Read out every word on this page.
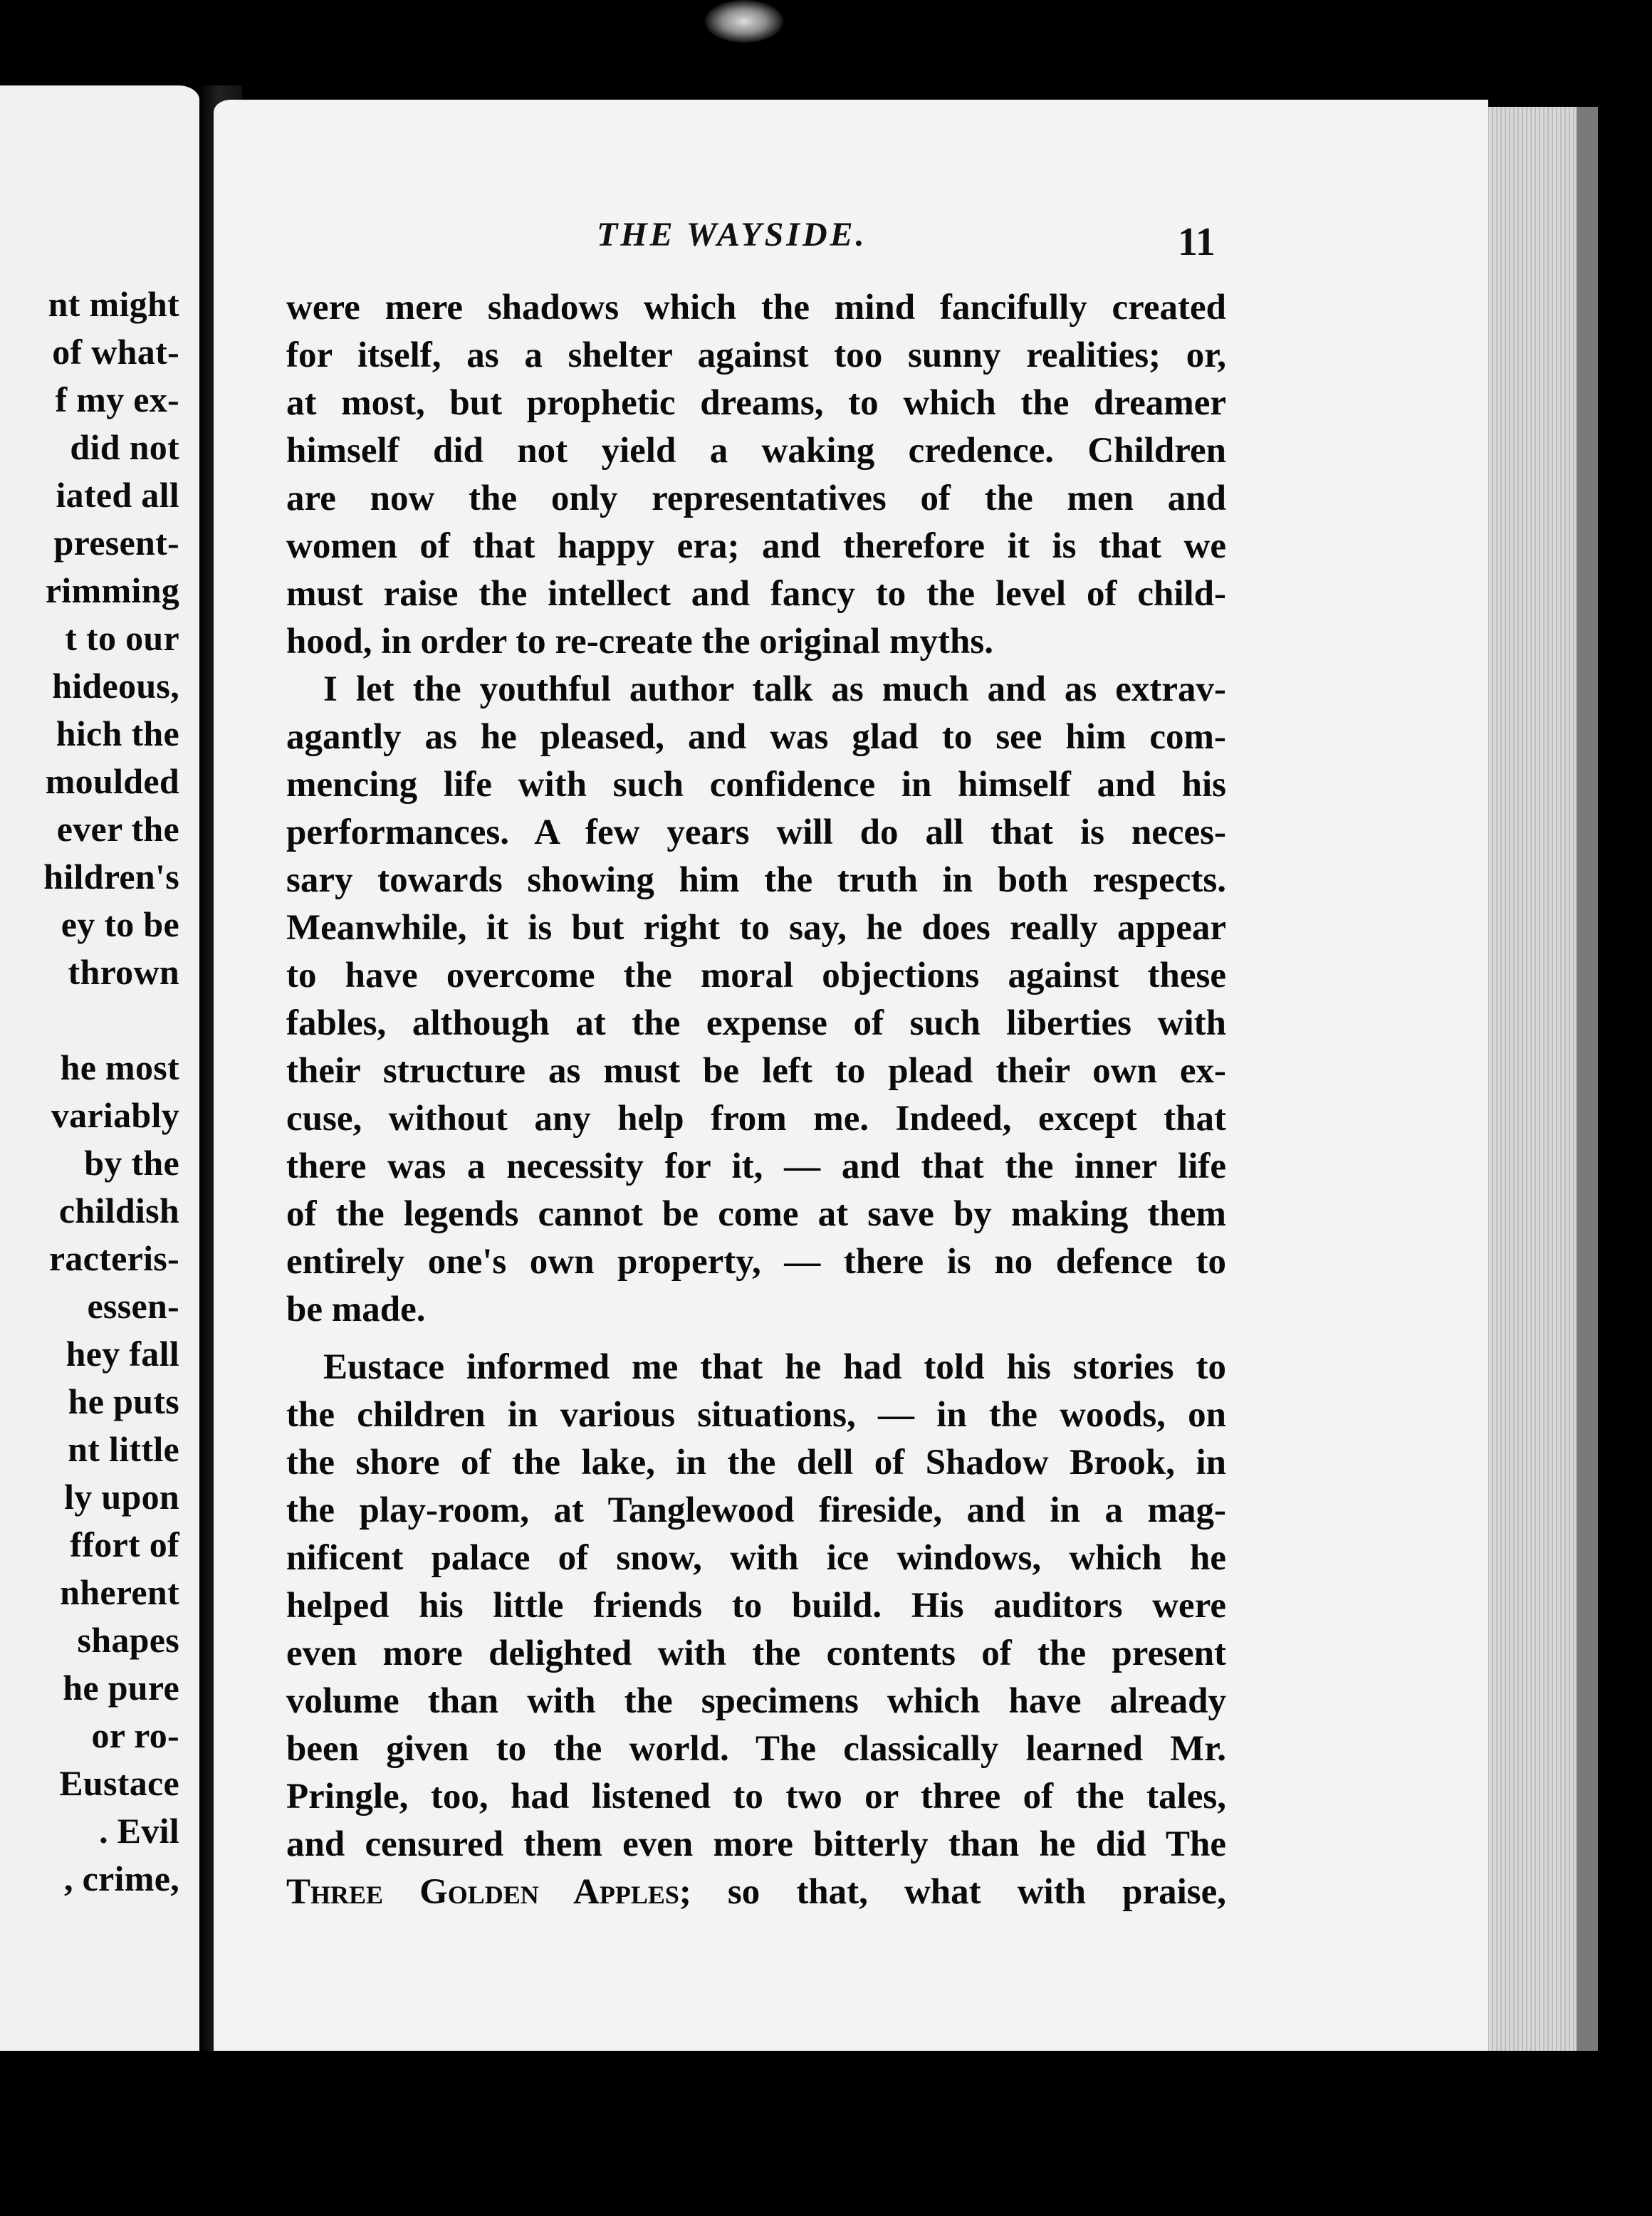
nt might
of what-
f my ex-
did not
iated all
present-
rimming
t to our
hideous,
hich the
moulded
ever the
hildren's
ey to be
thrown
he most
variably
by the
childish
racteris-
essen-
hey fall
he puts
nt little
ly upon
ffort of
nherent
shapes
he pure
or ro-
Eustace
. Evil
, crime,
THE WAYSIDE.	11
were mere shadows which the mind fancifully created
for itself, as a shelter against too sunny realities; or,
at most, but prophetic dreams, to which the dreamer
himself did not yield a waking credence. Children
are now the only representatives of the men and
women of that happy era; and therefore it is that we
must raise the intellect and fancy to the level of child-
hood, in order to re-create the original myths.
I let the youthful author talk as much and as extrav-
agantly as he pleased, and was glad to see him com-
mencing life with such confidence in himself and his
performances. A few years will do all that is neces-
sary towards showing him the truth in both respects.
Meanwhile, it is but right to say, he does really appear
to have overcome the moral objections against these
fables, although at the expense of such liberties with
their structure as must be left to plead their own ex-
cuse, without any help from me. Indeed, except that
there was a necessity for it, — and that the inner life
of the legends cannot be come at save by making them
entirely one's own property, — there is no defence to
be made.
Eustace informed me that he had told his stories to
the children in various situations, — in the woods, on
the shore of the lake, in the dell of Shadow Brook, in
the play-room, at Tanglewood fireside, and in a mag-
nificent palace of snow, with ice windows, which he
helped his little friends to build. His auditors were
even more delighted with the contents of the present
volume than with the specimens which have already
been given to the world. The classically learned Mr.
Pringle, too, had listened to two or three of the tales,
and censured them even more bitterly than he did The
Three Golden Apples; so that, what with praise,
